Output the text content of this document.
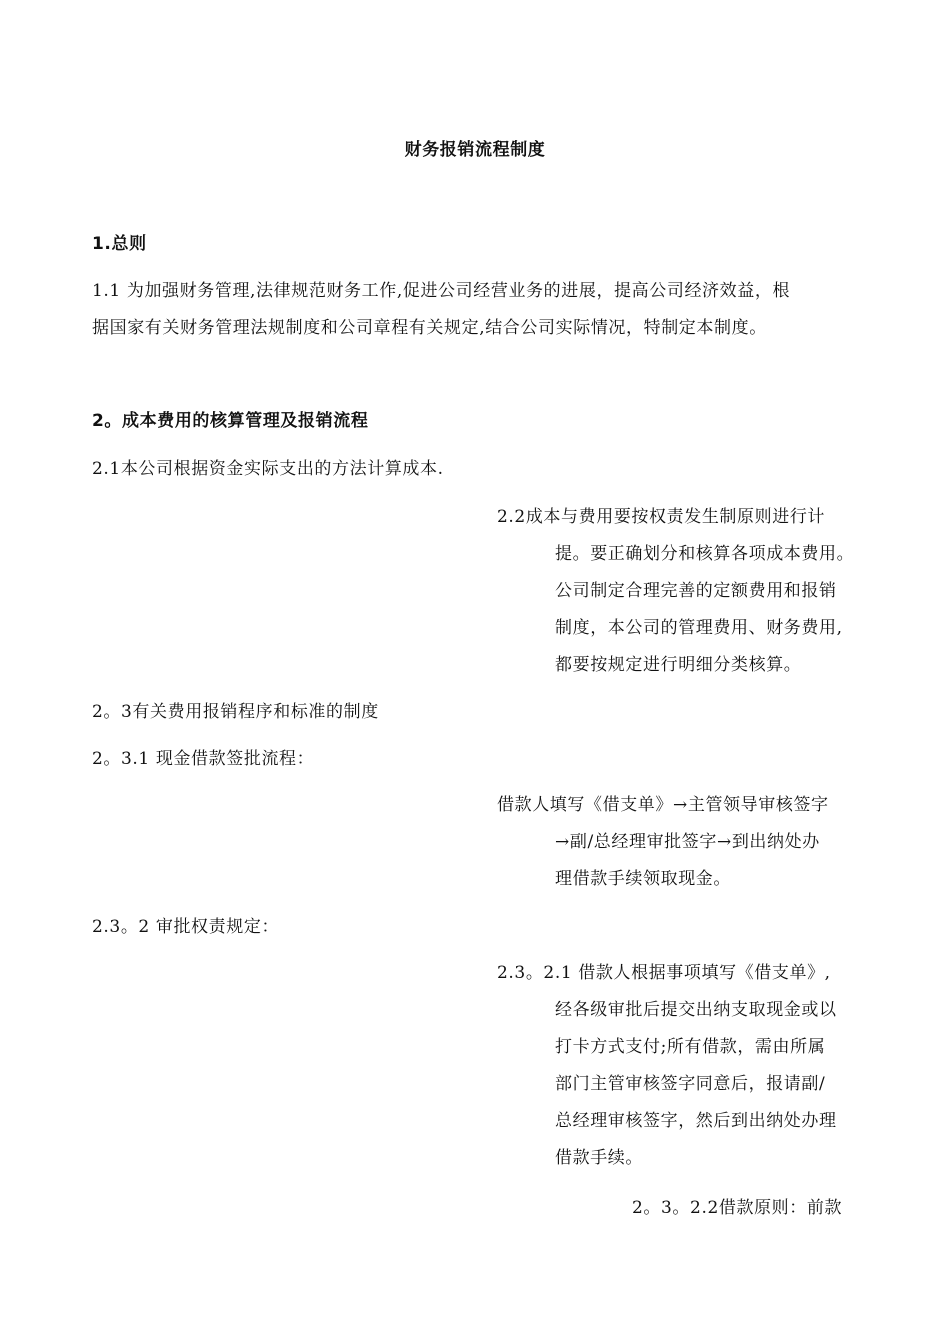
财务报销流程制度
1.总则
1.1 为加强财务管理,法律规范财务工作,促进公司经营业务的进展，提高公司经济效益，根
据国家有关财务管理法规制度和公司章程有关规定,结合公司实际情况，特制定本制度。
2。成本费用的核算管理及报销流程
2.1本公司根据资金实际支出的方法计算成本.
2.2成本与费用要按权责发生制原则进行计
提。要正确划分和核算各项成本费用。
公司制定合理完善的定额费用和报销
制度，本公司的管理费用、财务费用,
都要按规定进行明细分类核算。
2。3有关费用报销程序和标准的制度
2。3.1 现金借款签批流程：
借款人填写《借支单》→主管领导审核签字
→副/总经理审批签字→到出纳处办
理借款手续领取现金。
2.3。2 审批权责规定：
2.3。2.1 借款人根据事项填写《借支单》,
经各级审批后提交出纳支取现金或以
打卡方式支付;所有借款，需由所属
部门主管审核签字同意后，报请副/
总经理审核签字，然后到出纳处办理
借款手续。
2。3。2.2借款原则：前款
